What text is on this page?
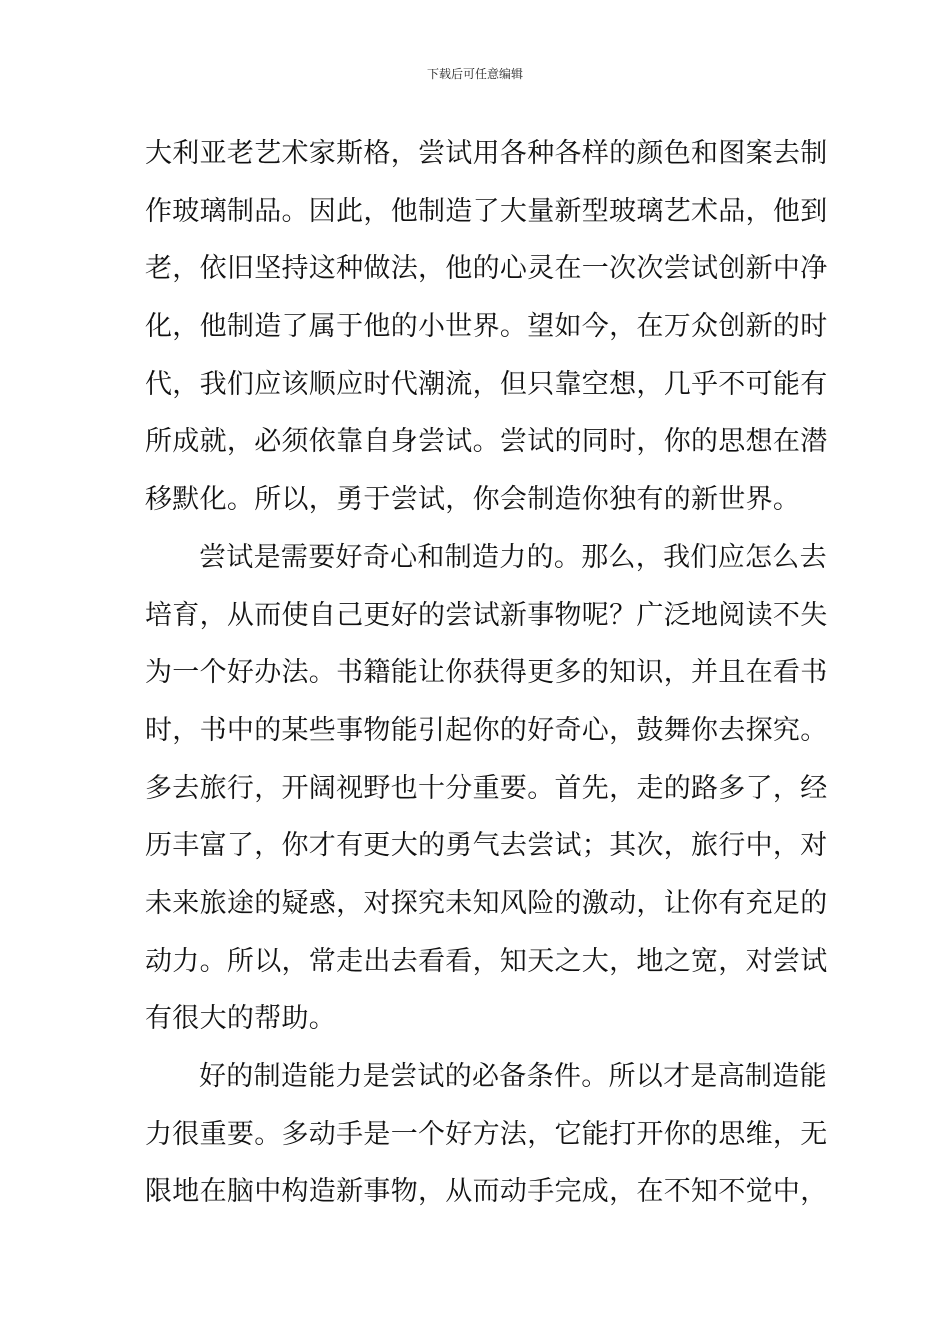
下载后可任意编辑
大利亚老艺术家斯格，尝试用各种各样的颜色和图案去制
作玻璃制品。因此，他制造了大量新型玻璃艺术品，他到
老，依旧坚持这种做法，他的心灵在一次次尝试创新中净
化，他制造了属于他的小世界。望如今，在万众创新的时
代，我们应该顺应时代潮流，但只靠空想，几乎不可能有
所成就，必须依靠自身尝试。尝试的同时，你的思想在潜
移默化。所以，勇于尝试，你会制造你独有的新世界。
尝试是需要好奇心和制造力的。那么，我们应怎么去
培育，从而使自己更好的尝试新事物呢？广泛地阅读不失
为一个好办法。书籍能让你获得更多的知识，并且在看书
时，书中的某些事物能引起你的好奇心，鼓舞你去探究。
多去旅行，开阔视野也十分重要。首先，走的路多了，经
历丰富了，你才有更大的勇气去尝试；其次，旅行中，对
未来旅途的疑惑，对探究未知风险的激动，让你有充足的
动力。所以，常走出去看看，知天之大，地之宽，对尝试
有很大的帮助。
好的制造能力是尝试的必备条件。所以才是高制造能
力很重要。多动手是一个好方法，它能打开你的思维，无
限地在脑中构造新事物，从而动手完成，在不知不觉中，
